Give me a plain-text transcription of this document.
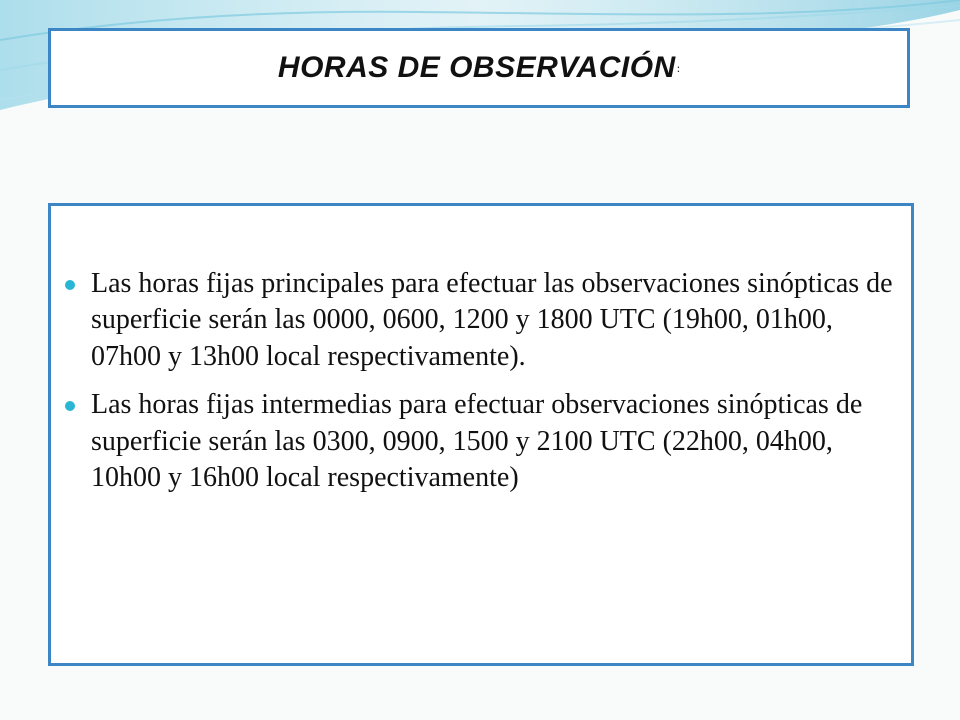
HORAS DE OBSERVACIÓN :
Las horas fijas principales para efectuar las observaciones sinópticas de superficie serán las 0000, 0600, 1200 y 1800 UTC (19h00, 01h00, 07h00 y 13h00 local respectivamente).
Las horas fijas intermedias para efectuar observaciones sinópticas de superficie serán las 0300, 0900, 1500 y 2100 UTC (22h00, 04h00, 10h00 y 16h00 local respectivamente)
